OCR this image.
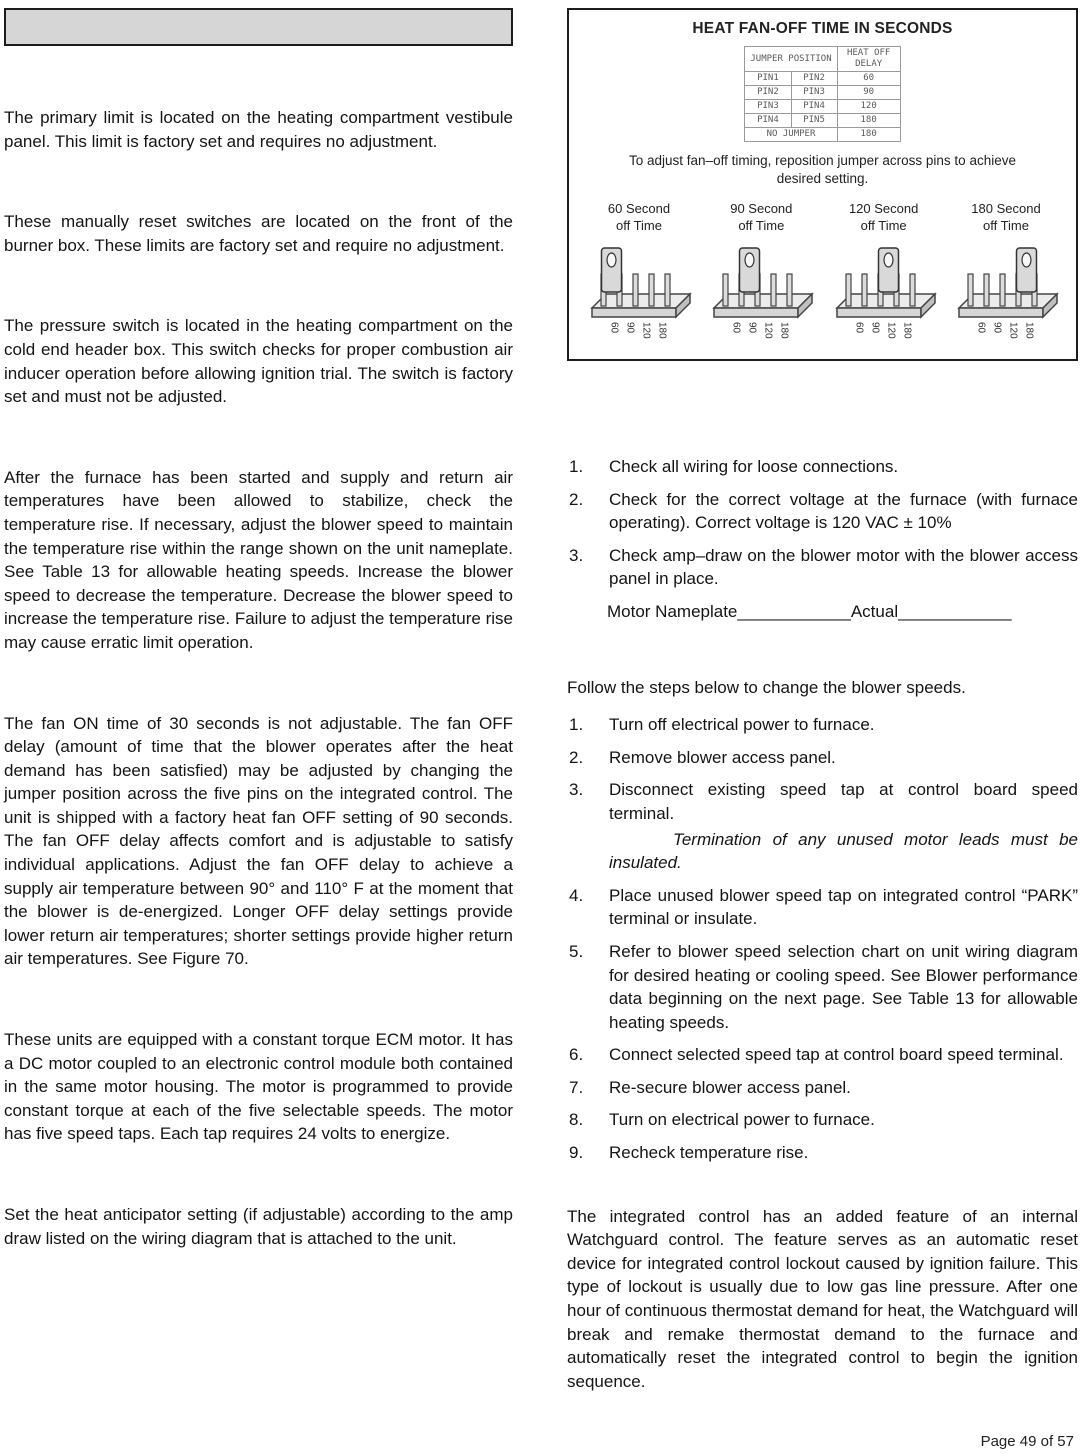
The primary limit is located on the heating compartment vestibule panel. This limit is factory set and requires no adjustment.

These manually reset switches are located on the front of the burner box. These limits are factory set and require no adjustment.

The pressure switch is located in the heating compartment on the cold end header box. This switch checks for proper combustion air inducer operation before allowing ignition trial. The switch is factory set and must not be adjusted.

After the furnace has been started and supply and return air temperatures have been allowed to stabilize, check the temperature rise. If necessary, adjust the blower speed to maintain the temperature rise within the range shown on the unit nameplate. See Table 13 for allowable heating speeds. Increase the blower speed to decrease the temperature. Decrease the blower speed to increase the temperature rise. Failure to adjust the temperature rise may cause erratic limit operation.

The fan ON time of 30 seconds is not adjustable. The fan OFF delay (amount of time that the blower operates after the heat demand has been satisfied) may be adjusted by changing the jumper position across the five pins on the integrated control. The unit is shipped with a factory heat fan OFF setting of 90 seconds. The fan OFF delay affects comfort and is adjustable to satisfy individual applications. Adjust the fan OFF delay to achieve a supply air temperature between 90° and 110° F at the moment that the blower is de-energized. Longer OFF delay settings provide lower return air temperatures; shorter settings provide higher return air temperatures. See Figure 70.

These units are equipped with a constant torque ECM motor. It has a DC motor coupled to an electronic control module both contained in the same motor housing. The motor is programmed to provide constant torque at each of the five selectable speeds. The motor has five speed taps. Each tap requires 24 volts to energize.

Set the heat anticipator setting (if adjustable) according to the amp draw listed on the wiring diagram that is attached to the unit.

HEAT FAN-OFF TIME IN SECONDS
JUMPER POSITION		HEAT OFF DELAY
PIN1	PIN2	60
PIN2	PIN3	90
PIN3	PIN4	120
PIN4	PIN5	180
NO JUMPER		180
To adjust fan–off timing, reposition jumper across pins to achieve desired setting.
60 Second
off Time
60 90 120 180
90 Second
off Time
60 90 120 180
120 Second
off Time
60 90 120 180
180 Second
off Time
60 90 120 180
1.	Check all wiring for loose connections.
2.	Check for the correct voltage at the furnace (with furnace operating). Correct voltage is 120 VAC ± 10%
3.	Check amp–draw on the blower motor with the blower access panel in place.
Motor Nameplate____________Actual____________
Follow the steps below to change the blower speeds.
1.	Turn off electrical power to furnace.
2.	Remove blower access panel.
3.	Disconnect existing speed tap at control board speed terminal.
Termination of any unused motor leads must be insulated.
4.	Place unused blower speed tap on integrated control “PARK” terminal or insulate.
5.	Refer to blower speed selection chart on unit wiring diagram for desired heating or cooling speed. See Blower performance data beginning on the next page. See Table 13 for allowable heating speeds.
6.	Connect selected speed tap at control board speed terminal.
7.	Re-secure blower access panel.
8.	Turn on electrical power to furnace.
9.	Recheck temperature rise.

The integrated control has an added feature of an internal Watchguard control. The feature serves as an automatic reset device for integrated control lockout caused by ignition failure. This type of lockout is usually due to low gas line pressure. After one hour of continuous thermostat demand for heat, the Watchguard will break and remake thermostat demand to the furnace and automatically reset the integrated control to begin the ignition sequence.

Page 49 of 57
